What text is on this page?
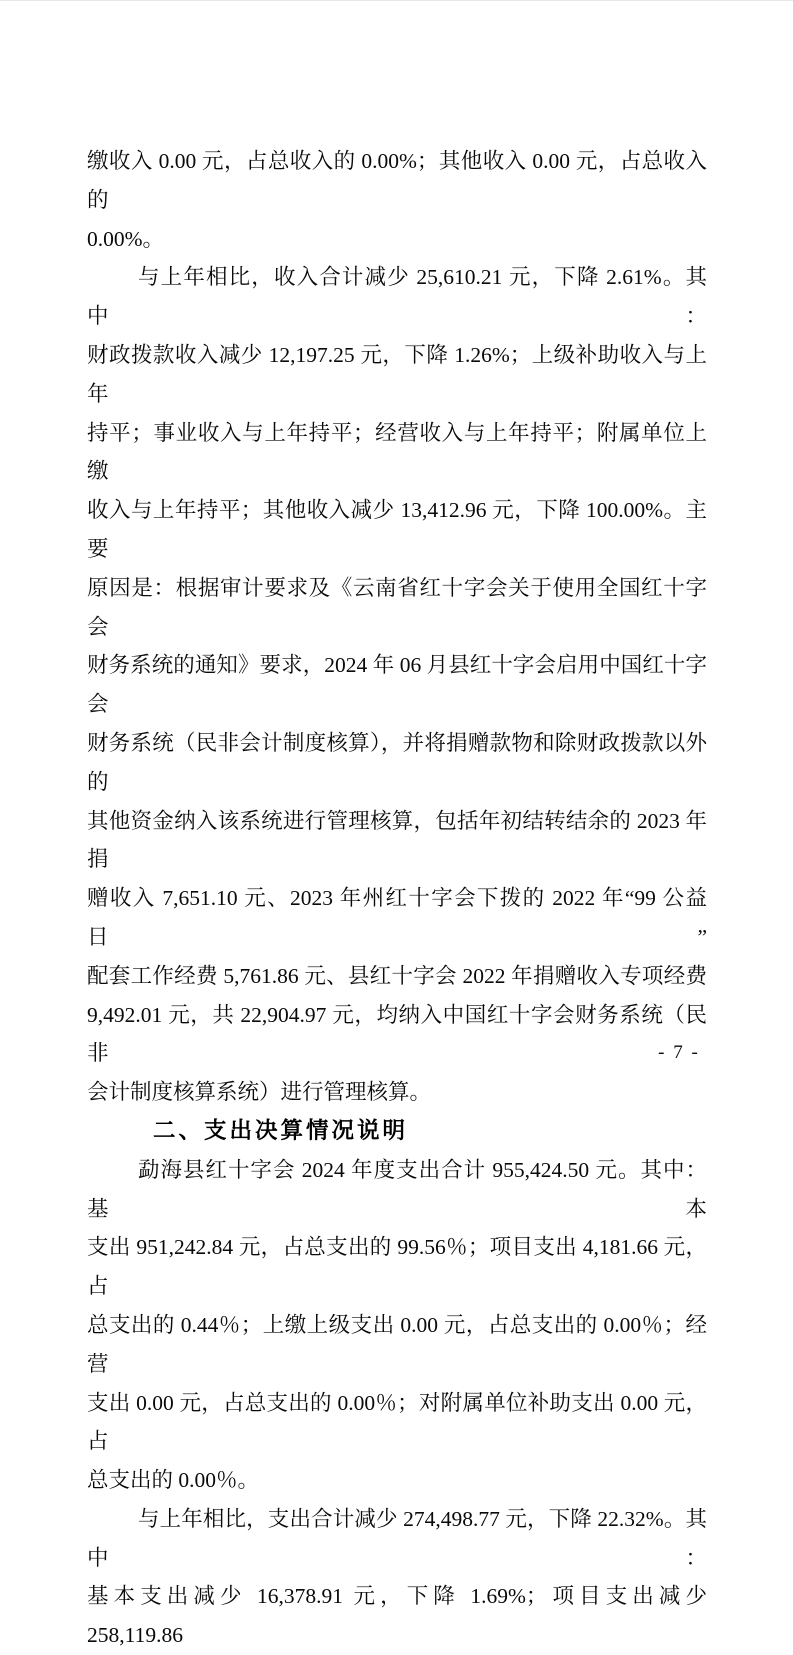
缴收入 0.00 元，占总收入的 0.00%；其他收入 0.00 元，占总收入的
0.00%。
与上年相比，收入合计减少 25,610.21 元，下降 2.61%。其中：
财政拨款收入减少 12,197.25 元，下降 1.26%；上级补助收入与上年
持平；事业收入与上年持平；经营收入与上年持平；附属单位上缴
收入与上年持平；其他收入减少 13,412.96 元，下降 100.00%。主要
原因是：根据审计要求及《云南省红十字会关于使用全国红十字会
财务系统的通知》要求，2024 年 06 月县红十字会启用中国红十字会
财务系统（民非会计制度核算），并将捐赠款物和除财政拨款以外的
其他资金纳入该系统进行管理核算，包括年初结转结余的 2023 年捐
赠收入 7,651.10 元、2023 年州红十字会下拨的 2022 年“99 公益日”
配套工作经费 5,761.86 元、县红十字会 2022 年捐赠收入专项经费
9,492.01 元，共 22,904.97 元，均纳入中国红十字会财务系统（民非
会计制度核算系统）进行管理核算。
二、支出决算情况说明
勐海县红十字会 2024 年度支出合计 955,424.50 元。其中：基本
支出 951,242.84 元，占总支出的 99.56％；项目支出 4,181.66 元，占
总支出的 0.44％；上缴上级支出 0.00 元，占总支出的 0.00％；经营
支出 0.00 元，占总支出的 0.00％；对附属单位补助支出 0.00 元，占
总支出的 0.00％。
与上年相比，支出合计减少 274,498.77 元，下降 22.32%。其中：
基本支出减少 16,378.91 元，下降 1.69%；项目支出减少 258,119.86
- 7 -
